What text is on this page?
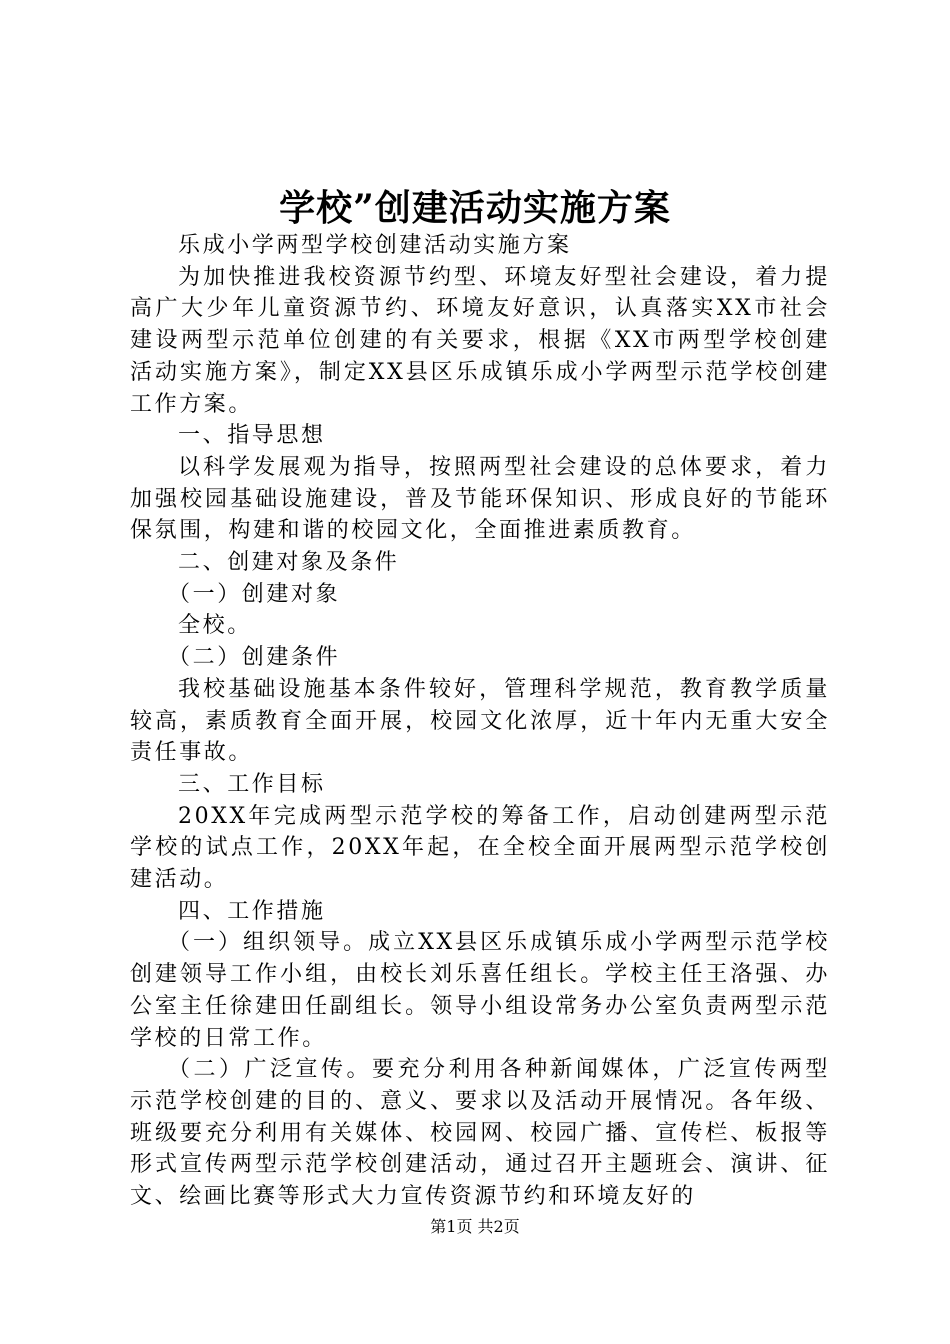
学校”创建活动实施方案

乐成小学两型学校创建活动实施方案

为加快推进我校资源节约型、环境友好型社会建设，着力提高广大少年儿童资源节约、环境友好意识，认真落实XX市社会建设两型示范单位创建的有关要求，根据《XX市两型学校创建活动实施方案》，制定XX县区乐成镇乐成小学两型示范学校创建工作方案。

一、指导思想

以科学发展观为指导，按照两型社会建设的总体要求，着力加强校园基础设施建设，普及节能环保知识、形成良好的节能环保氛围，构建和谐的校园文化，全面推进素质教育。

二、创建对象及条件

（一）创建对象

全校。

（二）创建条件

我校基础设施基本条件较好，管理科学规范，教育教学质量较高，素质教育全面开展，校园文化浓厚，近十年内无重大安全责任事故。

三、工作目标

20XX年完成两型示范学校的筹备工作，启动创建两型示范学校的试点工作，20XX年起，在全校全面开展两型示范学校创建活动。

四、工作措施

（一）组织领导。成立XX县区乐成镇乐成小学两型示范学校创建领导工作小组，由校长刘乐喜任组长。学校主任王洛强、办公室主任徐建田任副组长。领导小组设常务办公室负责两型示范学校的日常工作。

（二）广泛宣传。要充分利用各种新闻媒体，广泛宣传两型示范学校创建的目的、意义、要求以及活动开展情况。各年级、班级要充分利用有关媒体、校园网、校园广播、宣传栏、板报等形式宣传两型示范学校创建活动，通过召开主题班会、演讲、征文、绘画比赛等形式大力宣传资源节约和环境友好的

第1页 共2页
